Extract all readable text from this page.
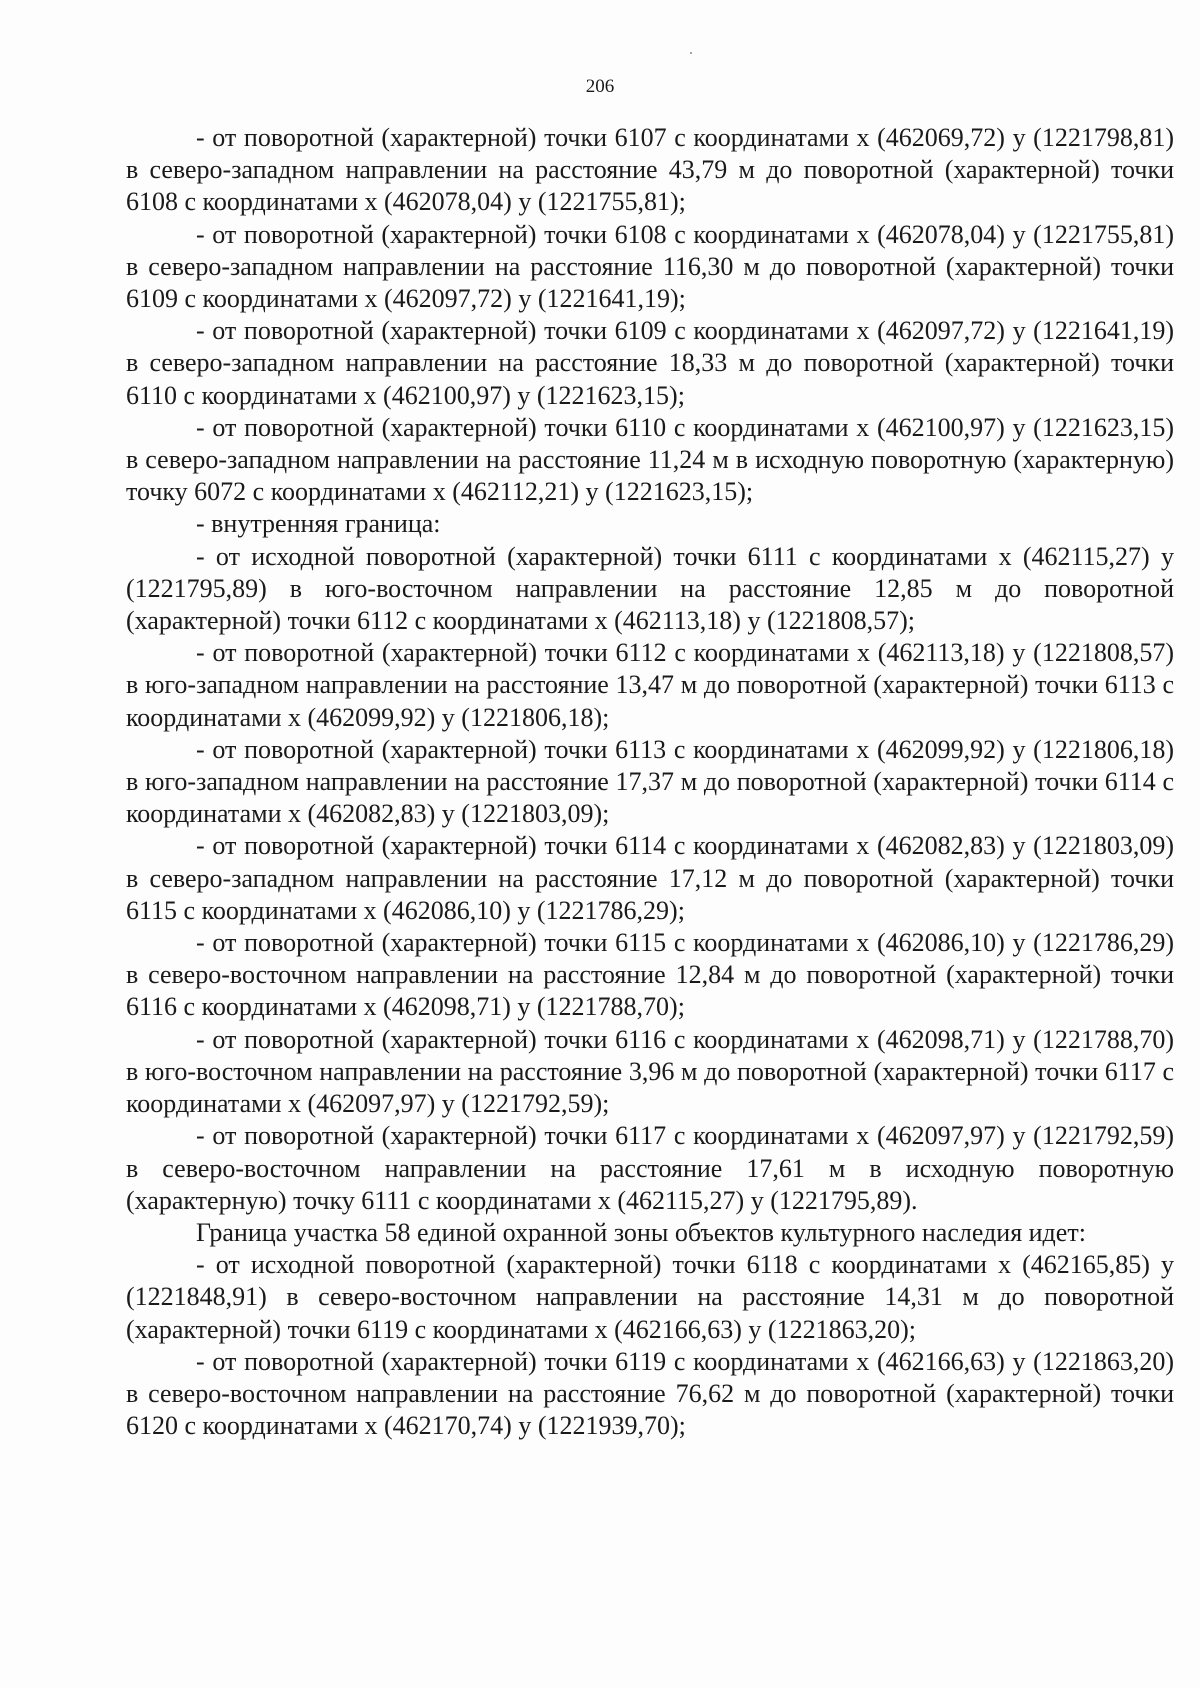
206

- от поворотной (характерной) точки 6107 с координатами x (462069,72) y (1221798,81) в северо-западном направлении на расстояние 43,79 м до поворотной (характерной) точки 6108 с координатами x (462078,04) y (1221755,81);

- от поворотной (характерной) точки 6108 с координатами x (462078,04) y (1221755,81) в северо-западном направлении на расстояние 116,30 м до поворотной (характерной) точки 6109 с координатами x (462097,72) y (1221641,19);

- от поворотной (характерной) точки 6109 с координатами x (462097,72) y (1221641,19) в северо-западном направлении на расстояние 18,33 м до поворотной (характерной) точки 6110 с координатами x (462100,97) y (1221623,15);

- от поворотной (характерной) точки 6110 с координатами x (462100,97) y (1221623,15) в северо-западном направлении на расстояние 11,24 м в исходную поворотную (характерную) точку 6072 с координатами x (462112,21) y (1221623,15);

- внутренняя граница:

- от исходной поворотной (характерной) точки 6111 с координатами x (462115,27) y (1221795,89) в юго-восточном направлении на расстояние 12,85 м до поворотной (характерной) точки 6112 с координатами x (462113,18) y (1221808,57);

- от поворотной (характерной) точки 6112 с координатами x (462113,18) y (1221808,57) в юго-западном направлении на расстояние 13,47 м до поворотной (характерной) точки 6113 с координатами x (462099,92) y (1221806,18);

- от поворотной (характерной) точки 6113 с координатами x (462099,92) y (1221806,18) в юго-западном направлении на расстояние 17,37 м до поворотной (характерной) точки 6114 с координатами x (462082,83) y (1221803,09);

- от поворотной (характерной) точки 6114 с координатами x (462082,83) y (1221803,09) в северо-западном направлении на расстояние 17,12 м до поворотной (характерной) точки 6115 с координатами x (462086,10) y (1221786,29);

- от поворотной (характерной) точки 6115 с координатами x (462086,10) y (1221786,29) в северо-восточном направлении на расстояние 12,84 м до поворотной (характерной) точки 6116 с координатами x (462098,71) y (1221788,70);

- от поворотной (характерной) точки 6116 с координатами x (462098,71) y (1221788,70) в юго-восточном направлении на расстояние 3,96 м до поворотной (характерной) точки 6117 с координатами x (462097,97) y (1221792,59);

- от поворотной (характерной) точки 6117 с координатами x (462097,97) y (1221792,59) в северо-восточном направлении на расстояние 17,61 м в исходную поворотную (характерную) точку 6111 с координатами x (462115,27) y (1221795,89).

Граница участка 58 единой охранной зоны объектов культурного наследия идет:

- от исходной поворотной (характерной) точки 6118 с координатами x (462165,85) y (1221848,91) в северо-восточном направлении на расстояние 14,31 м до поворотной (характерной) точки 6119 с координатами x (462166,63) y (1221863,20);

- от поворотной (характерной) точки 6119 с координатами x (462166,63) y (1221863,20) в северо-восточном направлении на расстояние 76,62 м до поворотной (характерной) точки 6120 с координатами x (462170,74) y (1221939,70);
